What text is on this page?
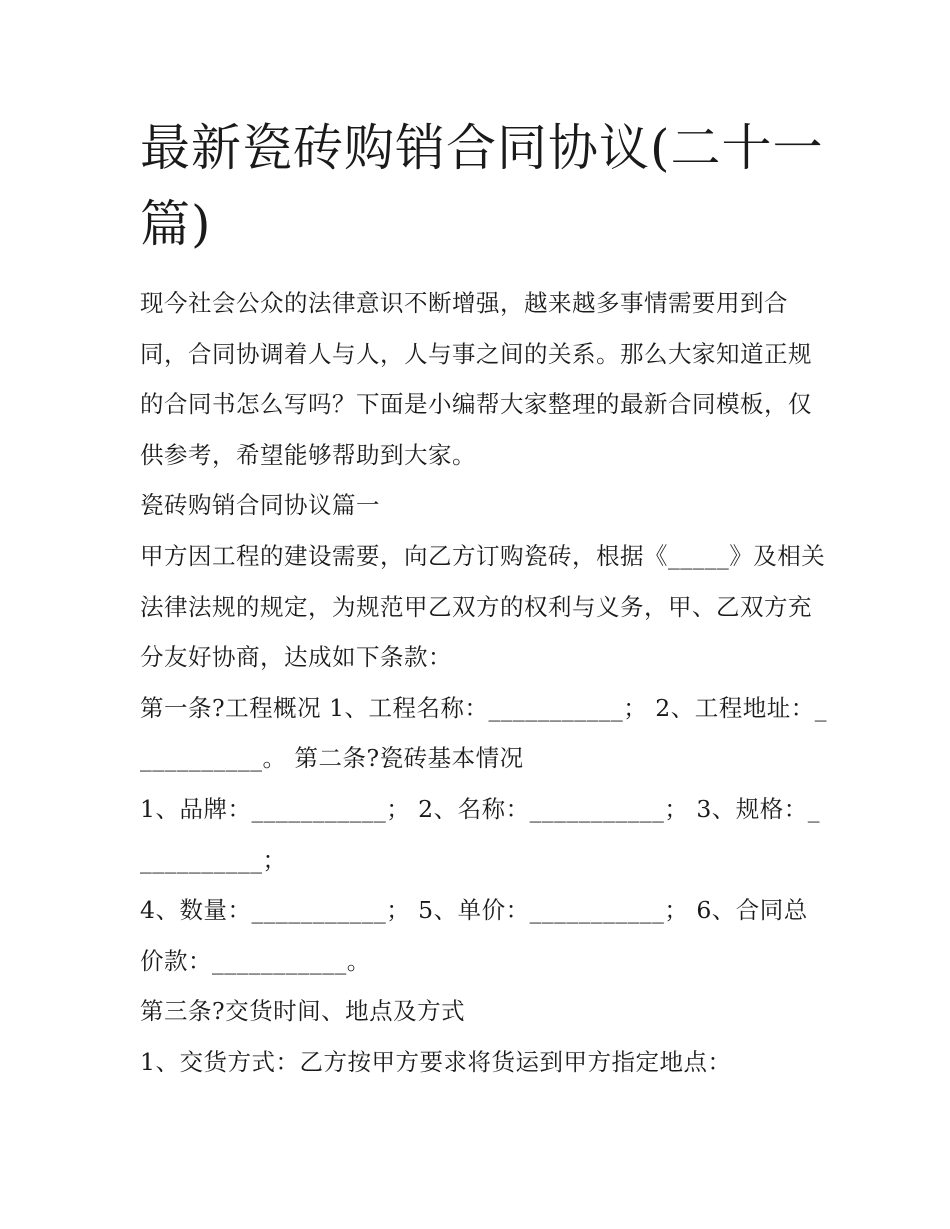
最新瓷砖购销合同协议(二十一篇)

现今社会公众的法律意识不断增强，越来越多事情需要用到合同，合同协调着人与人，人与事之间的关系。那么大家知道正规的合同书怎么写吗？下面是小编帮大家整理的最新合同模板，仅供参考，希望能够帮助到大家。

瓷砖购销合同协议篇一

甲方因工程的建设需要，向乙方订购瓷砖，根据《_____》及相关法律法规的规定，为规范甲乙双方的权利与义务，甲、乙双方充分友好协商，达成如下条款：

第一条?工程概况 1、工程名称：___________； 2、工程地址：___________。 第二条?瓷砖基本情况

1、品牌：___________； 2、名称：___________； 3、规格：___________；

4、数量：___________； 5、单价：___________； 6、合同总价款：___________。

第三条?交货时间、地点及方式

1、交货方式：乙方按甲方要求将货运到甲方指定地点：
